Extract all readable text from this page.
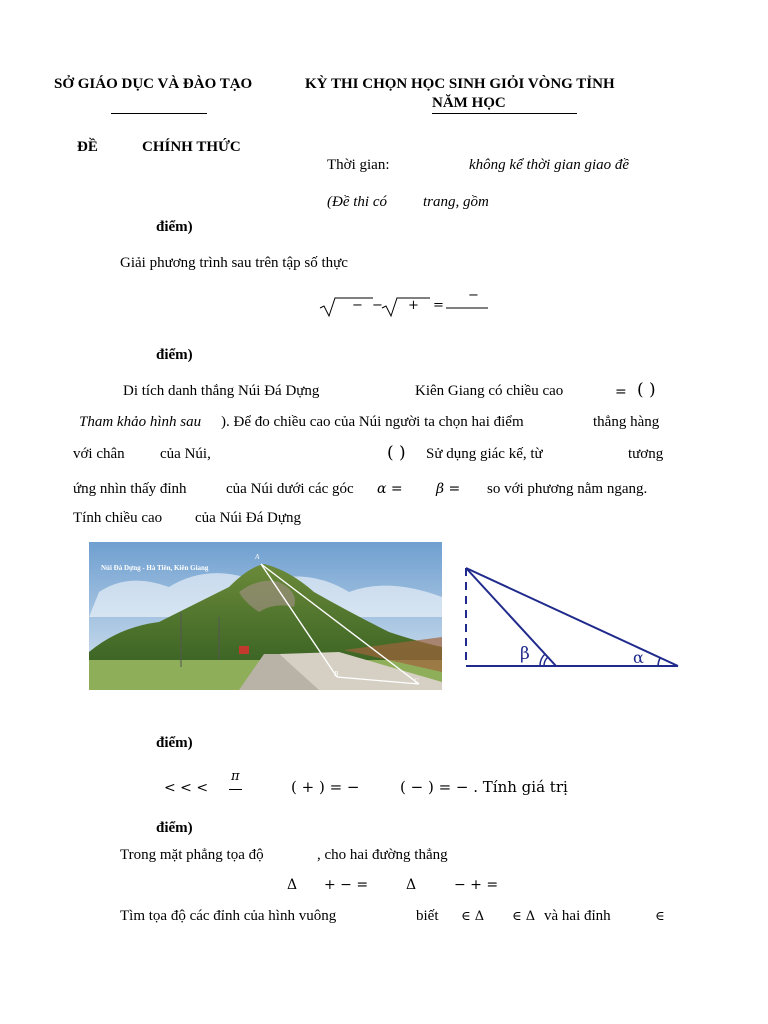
SỞ GIÁO DỤC VÀ ĐÀO TẠO	KỲ THI CHỌN HỌC SINH GIỎI VÒNG TỈNH
NĂM HỌC
ĐỀ	CHÍNH THỨC
Thời gian:	không kể thời gian giao đề
(Đề thi có trang, gồm
điểm)
Giải phương trình sau trên tập số thực
− − + =
−
điểm)
Di tích danh thắng Núi Đá Dựng	Kiên Giang có chiều cao	= ( )
Tham khảo hình sau ). Để đo chiều cao của Núi người ta chọn hai điểm	thẳng hàng
với chân của Núi,	( ) Sử dụng giác kế, từ	tương
ứng nhìn thấy đỉnh	của Núi dưới các góc α = β = so với phương nằm ngang.
Tính chiều cao của Núi Đá Dựng
Núi Đá Dựng - Hà Tiên, Kiên Giang
A
B
C
β	α
điểm)
< < <
π
( + ) = −	( − ) = − . Tính giá trị
điểm)
Trong mặt phẳng tọa độ	, cho hai đường thẳng
Δ + − =	Δ	− + =
Tìm tọa độ các đỉnh của hình vuông	biết ∈ Δ ∈ Δ và hai đỉnh	∈
